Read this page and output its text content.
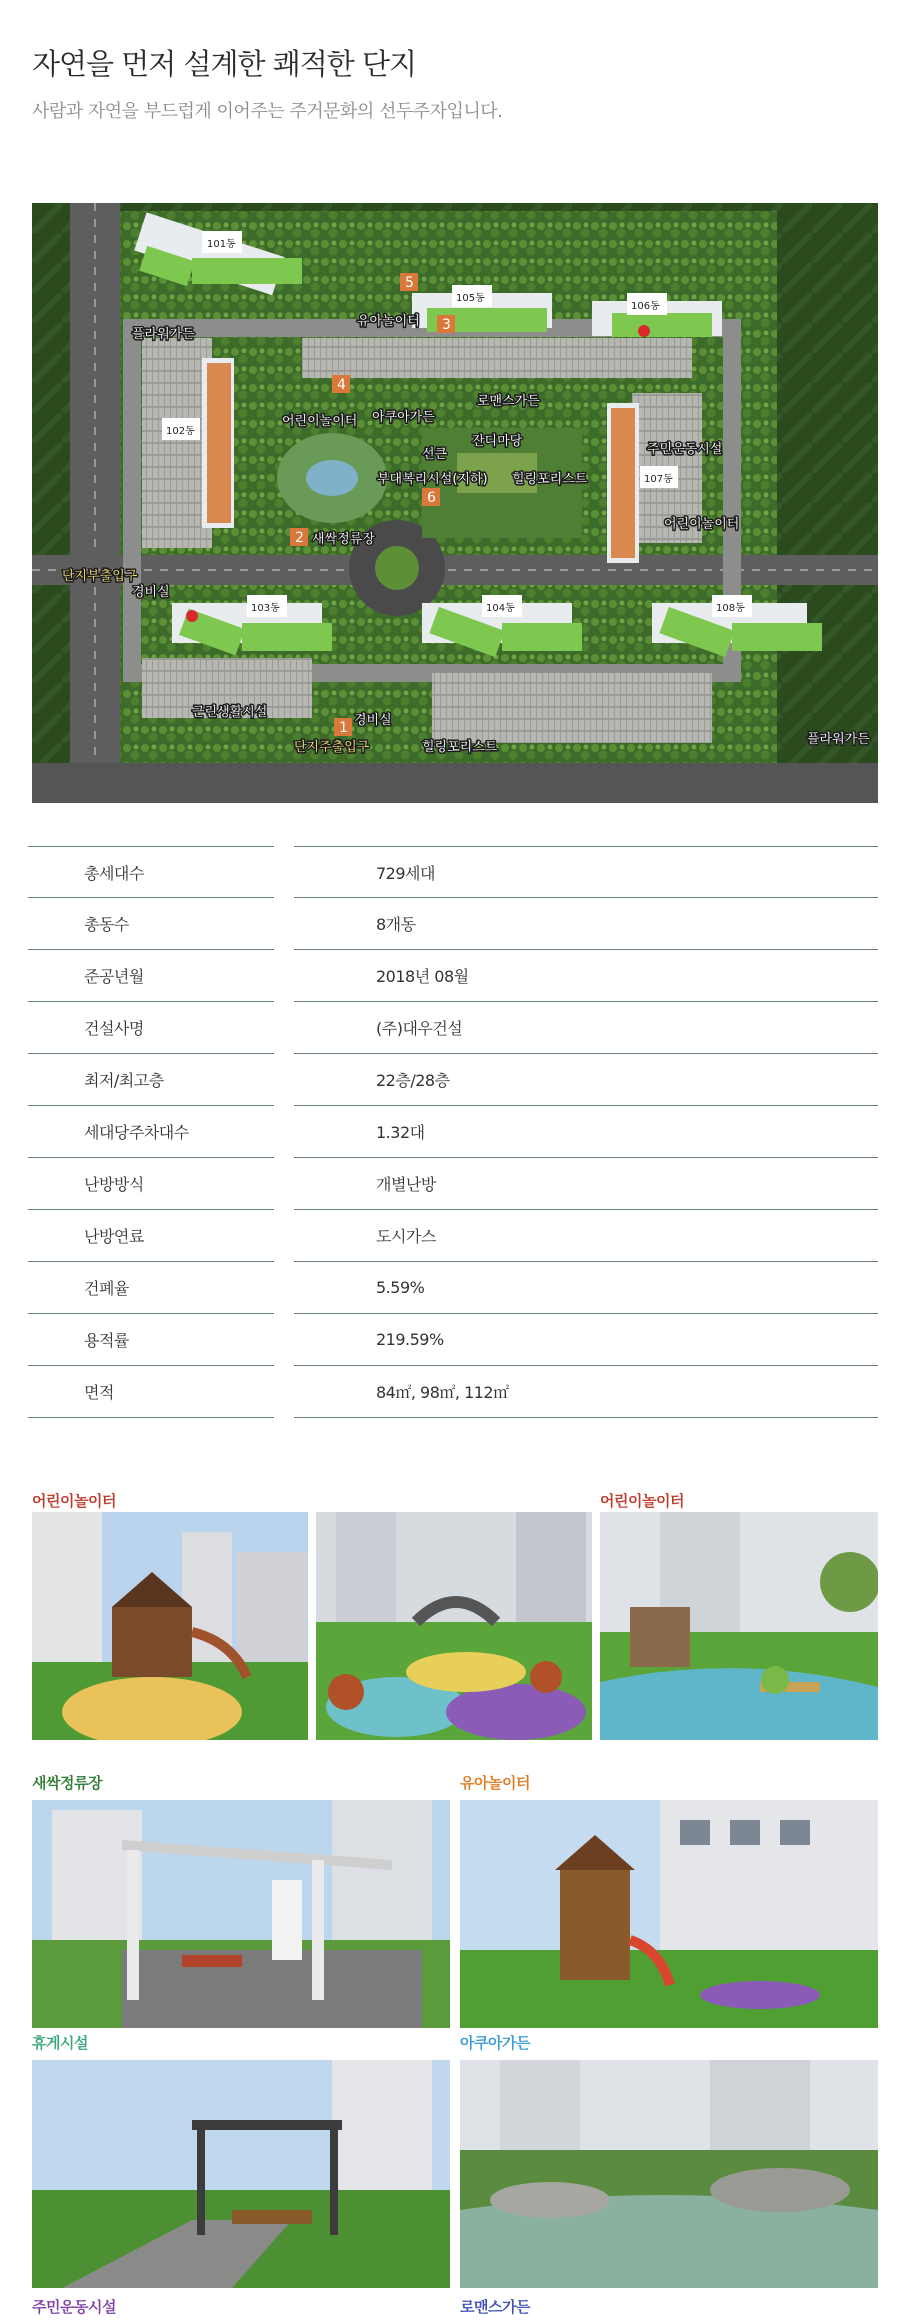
자연을 먼저 설계한 쾌적한 단지

사람과 자연을 부드럽게 이어주는 주거문화의 선두주자입니다.

101동
105동
106동
102동
107동
103동	104동	108동
5
3
4
6
2
1
플라워가든
유아놀이터
어린이놀이터 아쿠아가든
로맨스가든
잔디마당
힐링포리스트
주민운동시설
어린이놀이터
선큰
부대복리시설(지하)
새싹정류장
단지부출입구
경비실
근린생활시설
경비실
단지주출입구	힐링포리스트
플라워가든
총세대수	729세대
총동수	8개동
준공년월	2018년 08월
건설사명	(주)대우건설
최저/최고층	22층/28층
세대당주차대수	1.32대
난방방식	개별난방
난방연료	도시가스
건폐율	5.59%
용적률	219.59%
면적	84㎡, 98㎡, 112㎡
어린이놀이터	어린이놀이터
새싹정류장	유아놀이터
휴게시설	아쿠아가든
주민운동시설	로맨스가든
